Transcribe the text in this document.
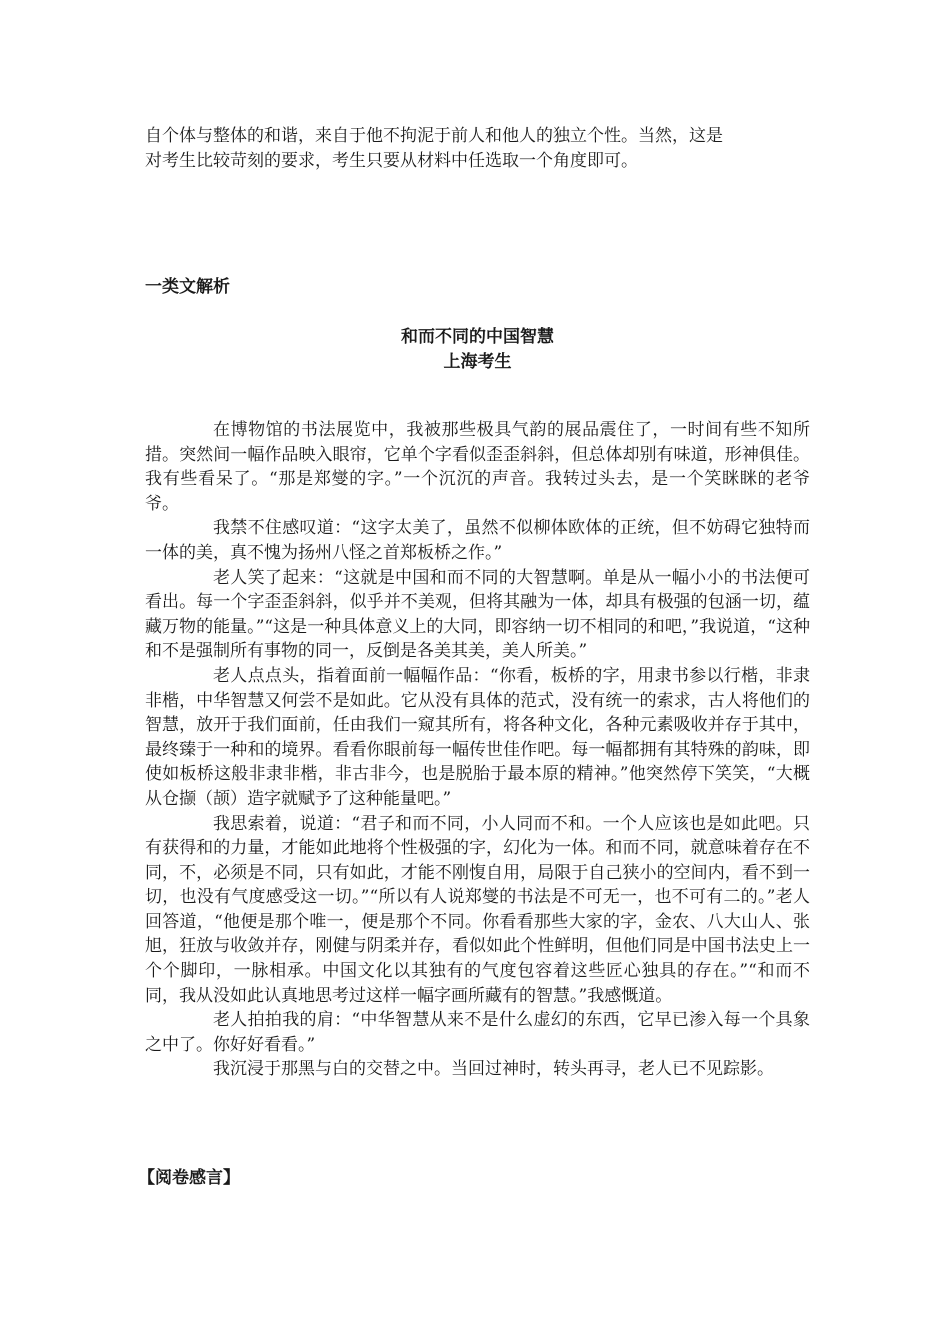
自个体与整体的和谐，来自于他不拘泥于前人和他人的独立个性。当然，这是
对考生比较苛刻的要求，考生只要从材料中任选取一个角度即可。
一类文解析
和而不同的中国智慧
上海考生

在博物馆的书法展览中，我被那些极具气韵的展品震住了，一时间有些不知所措。突然间一幅作品映入眼帘，它单个字看似歪歪斜斜，但总体却别有味道，形神俱佳。我有些看呆了。“那是郑燮的字。”一个沉沉的声音。我转过头去，是一个笑眯眯的老爷爷。

我禁不住感叹道：“这字太美了，虽然不似柳体欧体的正统，但不妨碍它独特而一体的美，真不愧为扬州八怪之首郑板桥之作。”

老人笑了起来：“这就是中国和而不同的大智慧啊。单是从一幅小小的书法便可看出。每一个字歪歪斜斜，似乎并不美观，但将其融为一体，却具有极强的包涵一切，蕴藏万物的能量。”“这是一种具体意义上的大同，即容纳一切不相同的和吧，”我说道，“这种和不是强制所有事物的同一，反倒是各美其美，美人所美。”

老人点点头，指着面前一幅幅作品：“你看，板桥的字，用隶书参以行楷，非隶非楷，中华智慧又何尝不是如此。它从没有具体的范式，没有统一的索求，古人将他们的智慧，放开于我们面前，任由我们一窥其所有，将各种文化，各种元素吸收并存于其中，最终臻于一种和的境界。看看你眼前每一幅传世佳作吧。每一幅都拥有其特殊的韵味，即使如板桥这般非隶非楷，非古非今，也是脱胎于最本原的精神。”他突然停下笑笑，“大概从仓撷（颉）造字就赋予了这种能量吧。”

我思索着，说道：“君子和而不同，小人同而不和。一个人应该也是如此吧。只有获得和的力量，才能如此地将个性极强的字，幻化为一体。和而不同，就意味着存在不同，不，必须是不同，只有如此，才能不刚愎自用，局限于自己狭小的空间内，看不到一切，也没有气度感受这一切。”“所以有人说郑燮的书法是不可无一，也不可有二的。”老人回答道，“他便是那个唯一，便是那个不同。你看看那些大家的字，金农、八大山人、张旭，狂放与收敛并存，刚健与阴柔并存，看似如此个性鲜明，但他们同是中国书法史上一个个脚印，一脉相承。中国文化以其独有的气度包容着这些匠心独具的存在。”“和而不同，我从没如此认真地思考过这样一幅字画所藏有的智慧。”我感慨道。

老人拍拍我的肩：“中华智慧从来不是什么虚幻的东西，它早已渗入每一个具象之中了。你好好看看。”

我沉浸于那黑与白的交替之中。当回过神时，转头再寻，老人已不见踪影。

【阅卷感言】
